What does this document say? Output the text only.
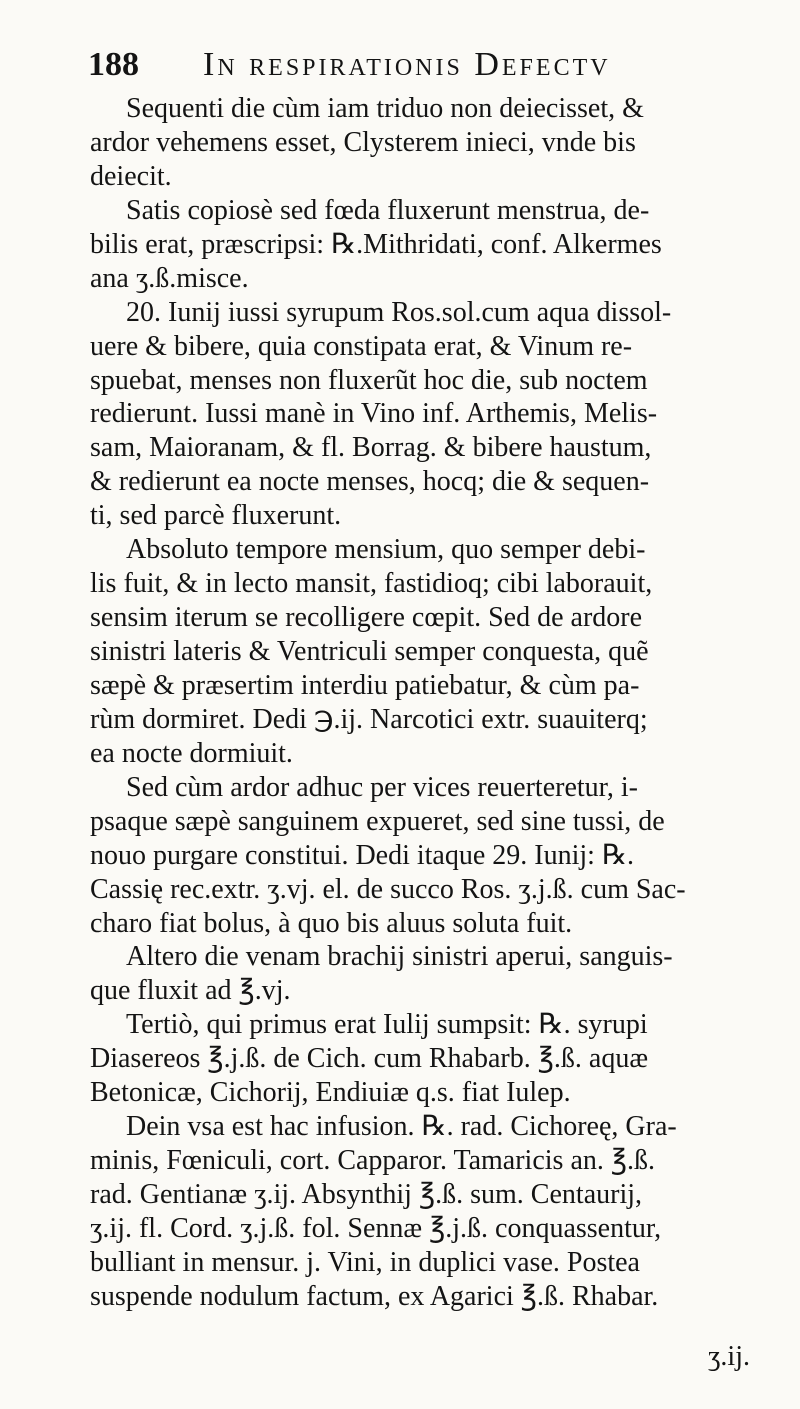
188 In respirationis Defectv
Sequenti die cùm iam triduo non deiecisset, &
ardor vehemens esset, Clysterem inieci, vnde bis
deiecit.
Satis copiosè sed fœda fluxerunt menstrua, de-
bilis erat, præscripsi: ℞.Mithridati, conf. Alkermes
ana ʒ.ß.misce.
20. Iunij iussi syrupum Ros.sol.cum aqua dissol-
uere & bibere, quia constipata erat, & Vinum re-
spuebat, menses non fluxerũt hoc die, sub noctem
redierunt. Iussi manè in Vino inf. Arthemis, Melis-
sam, Maioranam, & fl. Borrag. & bibere haustum,
& redierunt ea nocte menses, hocq; die & sequen-
ti, sed parcè fluxerunt.
Absoluto tempore mensium, quo semper debi-
lis fuit, & in lecto mansit, fastidioq; cibi laborauit,
sensim iterum se recolligere cœpit. Sed de ardore
sinistri lateris & Ventriculi semper conquesta, quẽ
sæpè & præsertim interdiu patiebatur, & cùm pa-
rùm dormiret. Dedi ℈.ij. Narcotici extr. suauiterq;
ea nocte dormiuit.
Sed cùm ardor adhuc per vices reuerteretur, i-
psaque sæpè sanguinem expueret, sed sine tussi, de
nouo purgare constitui. Dedi itaque 29. Iunij: ℞.
Cassię rec.extr. ʒ.vj. el. de succo Ros. ʒ.j.ß. cum Sac-
charo fiat bolus, à quo bis aluus soluta fuit.
Altero die venam brachij sinistri aperui, sanguis-
que fluxit ad ℥.vj.
Tertiò, qui primus erat Iulij sumpsit: ℞. syrupi
Diasereos ℥.j.ß. de Cich. cum Rhabarb. ℥.ß. aquæ
Betonicæ, Cichorij, Endiuiæ q.s. fiat Iulep.
Dein vsa est hac infusion. ℞. rad. Cichoreę, Gra-
minis, Fœniculi, cort. Capparor. Tamaricis an. ℥.ß.
rad. Gentianæ ʒ.ij. Absynthij ℥.ß. sum. Centaurij,
ʒ.ij. fl. Cord. ʒ.j.ß. fol. Sennæ ℥.j.ß. conquassentur,
bulliant in mensur. j. Vini, in duplici vase. Postea
suspende nodulum factum, ex Agarici ℥.ß. Rhabar.
ʒ.ij.
